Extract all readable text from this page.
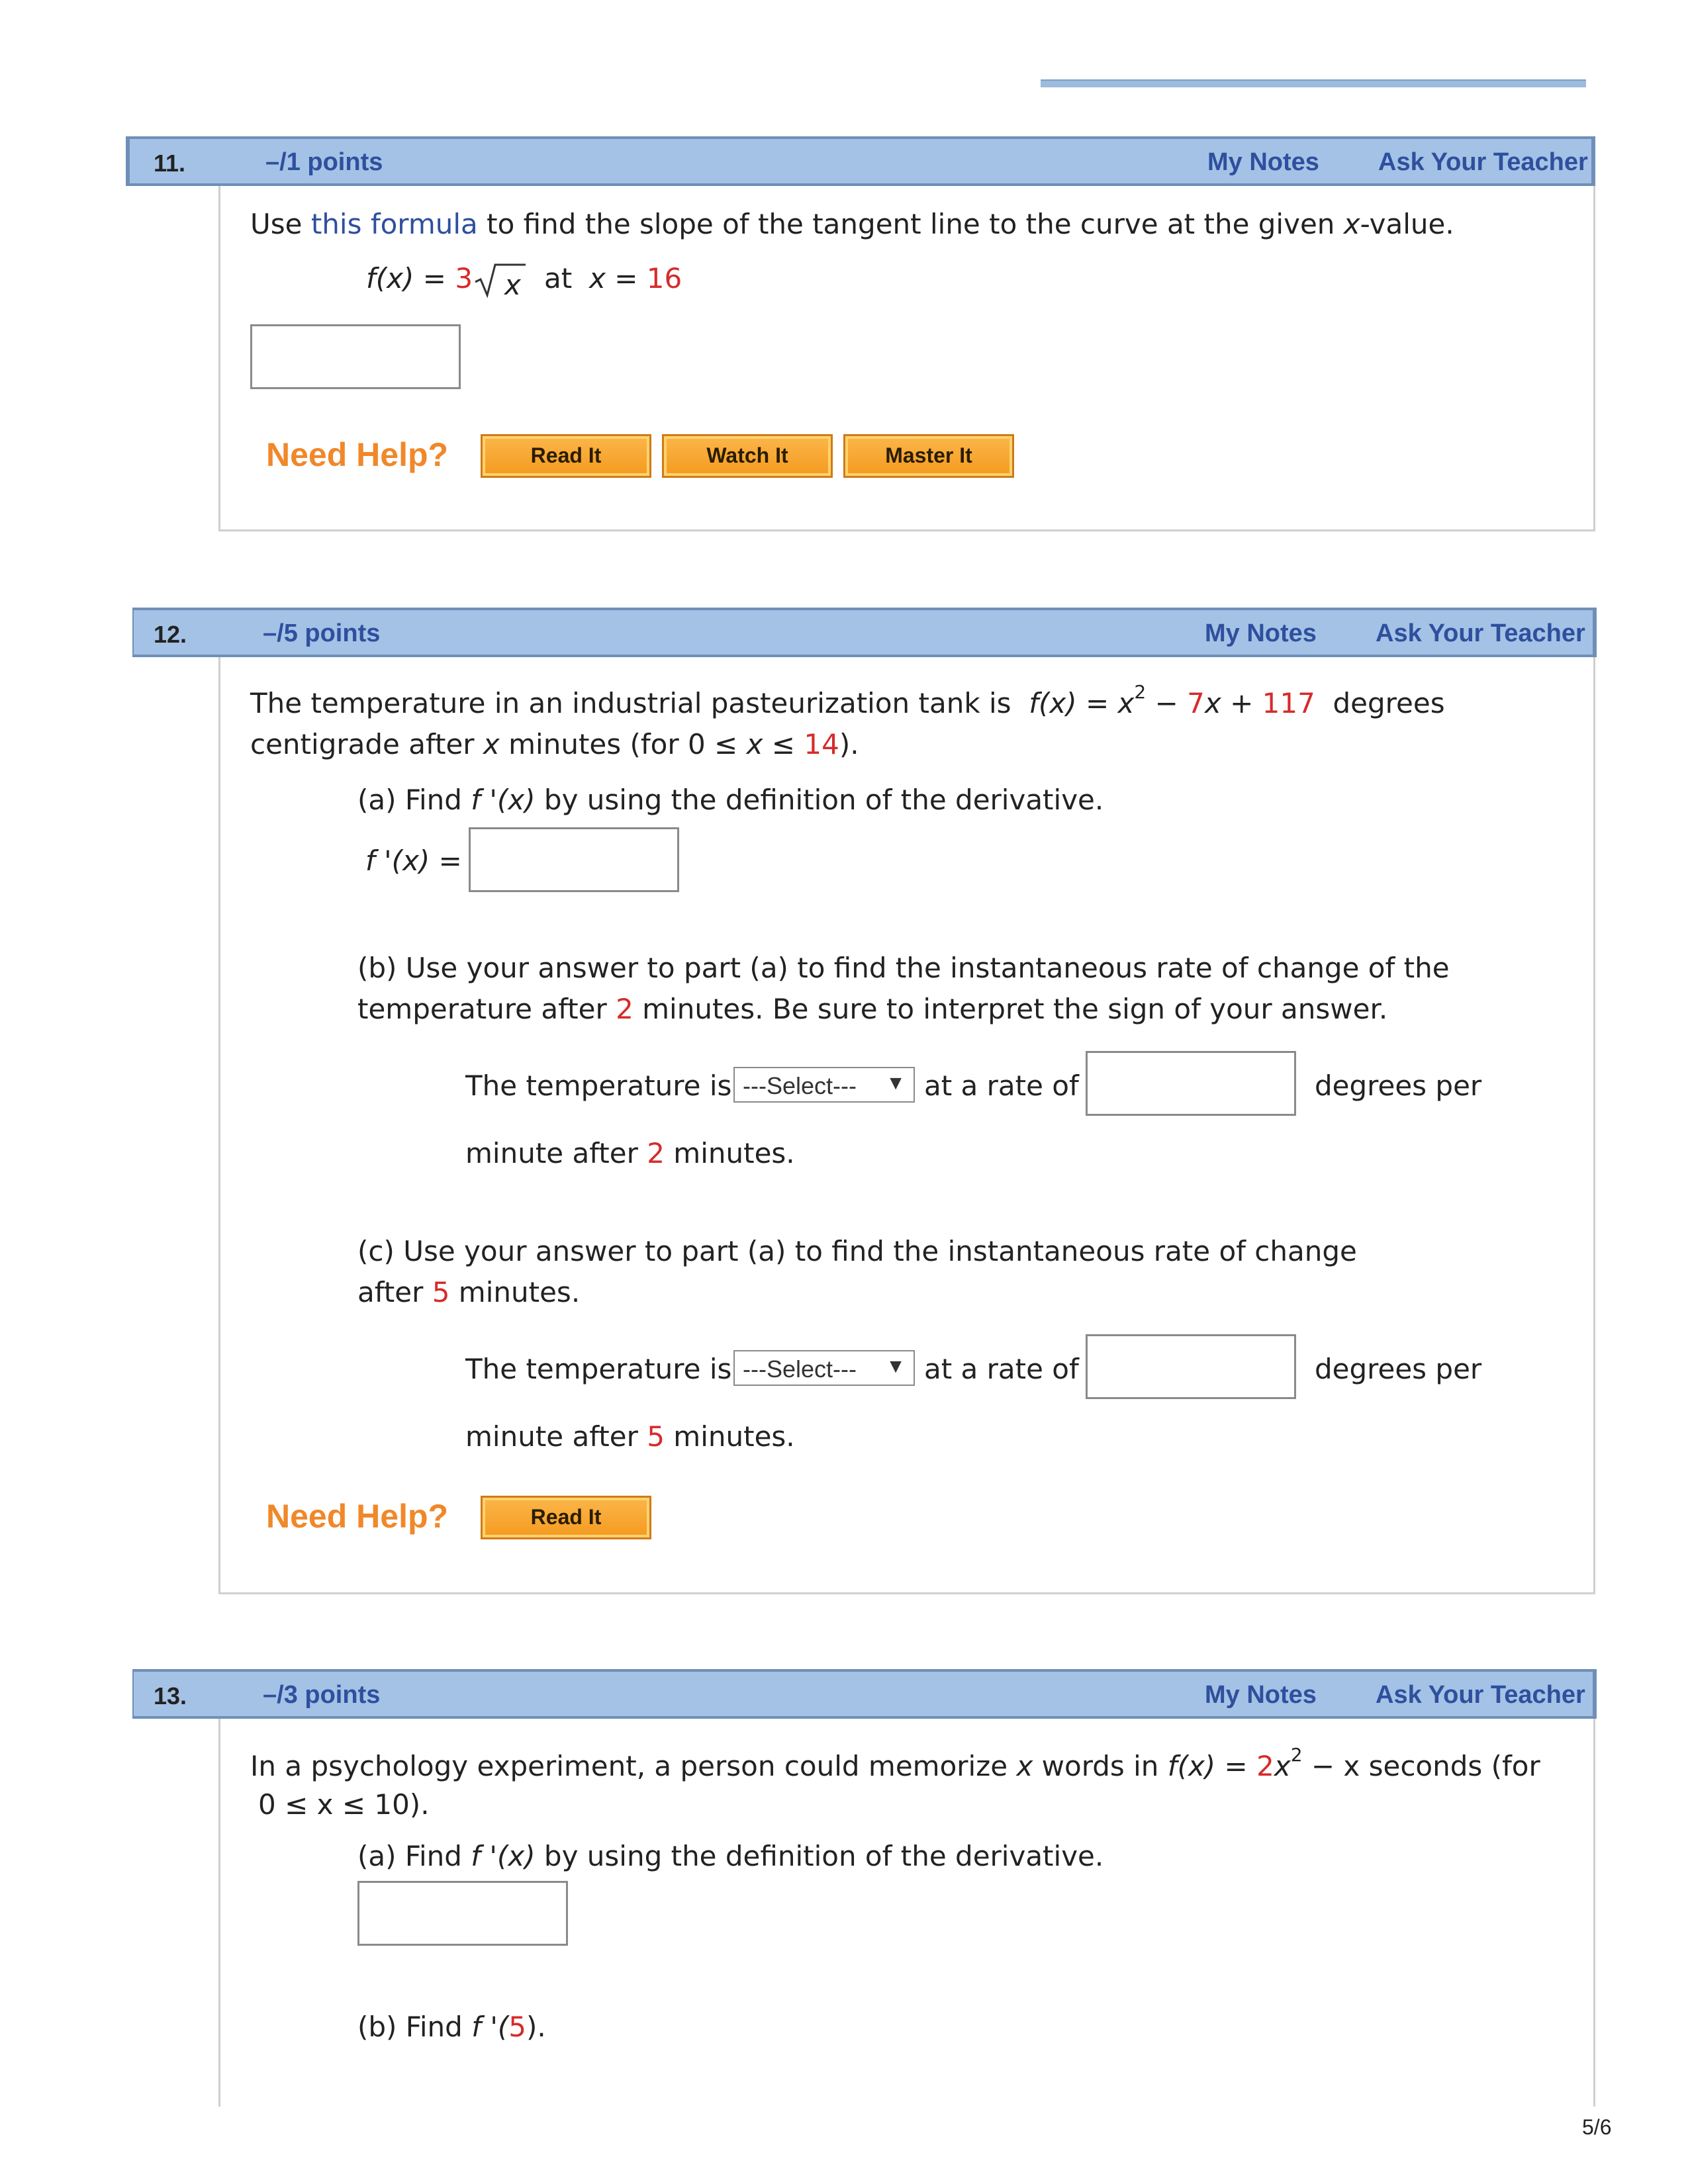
11.	–/1 points	My Notes Ask Your Teacher
Use this formula to find the slope of the tangent line to the curve at the given x-value.
f(x) = 3 x at x = 16
Need Help?	Read It	Watch It	Master It
12.	–/5 points	My Notes Ask Your Teacher
The temperature in an industrial pasteurization tank is $f(x) = x^2 - 7x + 117$ degrees
centigrade after x minutes (for 0 ≤ x ≤ 14).
(a) Find f '(x) by using the definition of the derivative.
f '(x) =
(b) Use your answer to part (a) to find the instantaneous rate of change of the
temperature after 2 minutes. Be sure to interpret the sign of your answer.
The temperature is ---Select--- ▼ at a rate of	degrees per
minute after 2 minutes.
(c) Use your answer to part (a) to find the instantaneous rate of change
after 5 minutes.
The temperature is ---Select--- ▼ at a rate of	degrees per
minute after 5 minutes.
Need Help?	Read It
13.	–/3 points	My Notes Ask Your Teacher
In a psychology experiment, a person could memorize x words in $f(x) = 2x^2 - x$ seconds (for
0 ≤ x ≤ 10).
(a) Find f '(x) by using the definition of the derivative.
(b) Find f '(5).
5/6
